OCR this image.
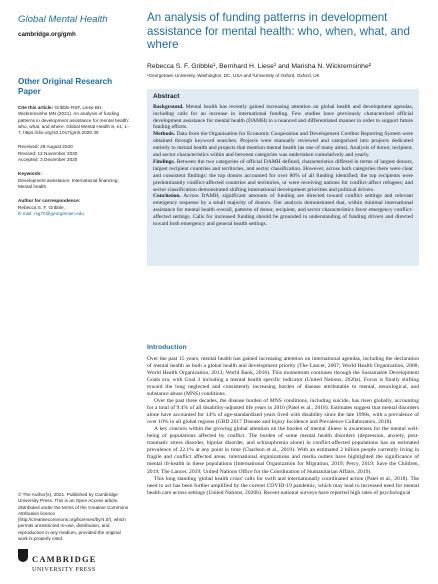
Global Mental Health
cambridge.org/gmh
Other Original Research Paper
Cite this article: Gribble RSF, Liese BH, Wickremsinhe MN (2021). An analysis of funding patterns in development assistance for mental health: who, what, and where. Global Mental Health 8, e1, 1–7. https://doi.org/10.1017/gmh.2020.30
Received: 28 August 2020
Revised: 12 November 2020
Accepted: 3 December 2020
Keywords:
Development assistance; International financing; Mental health
Author for correspondence:
Rebecca S. F. Gribble,
E-mail: rsg70@georgetown.edu
© The Author(s), 2021. Published by Cambridge University Press. This is an Open Access article, distributed under the terms of the Creative Commons Attribution licence (http://creativecommons.org/licenses/by/4.0/), which permits unrestricted re-use, distribution, and reproduction in any medium, provided the original work is properly cited.
CAMBRIDGE
UNIVERSITY PRESS
An analysis of funding patterns in development assistance for mental health: who, when, what, and where
Rebecca S. F. Gribble¹, Bernhard H. Liese¹ and Marisha N. Wickremsinhe²
¹Georgetown University, Washington, DC, USA and ²University of Oxford, Oxford, UK
Abstract

Background. Mental health has recently gained increasing attention on global health and development agendas, including calls for an increase in international funding. Few studies have previously characterized official development assistance for mental health (DAMH) in a nuanced and differentiated manner in order to support future funding efforts.

Methods. Data from the Organisation for Economic Cooperation and Development Creditor Reporting System were obtained through keyword searches. Projects were manually reviewed and categorized into projects dedicated entirely to mental health and projects that mention mental health (as one of many aims). Analysis of donor, recipient, and sector characteristics within and between categories was undertaken cumulatively and yearly.

Findings. Between the two categories of official DAMH defined, characteristics differed in terms of largest donors, largest recipient countries and territories, and sector classification. However, across both categories there were clear and consistent findings: the top donors accounted for over 80% of all funding identified; the top recipients were predominantly conflict-affected countries and territories, or were receiving nations for conflict-affect refugees; and sector classification demonstrated shifting international development priorities and political drivers.

Conclusion. Across DAMH, significant amounts of funding are directed toward conflict settings and relevant emergency response by a small majority of donors. Our analysis demonstrated that, within minimal international assistance for mental health overall, patterns of donor, recipient, and sector characteristics favor emergency conflict-affected settings. Calls for increased funding should be grounded in understanding of funding drivers and directed toward both emergency and general health settings.

Introduction

Over the past 15 years, mental health has gained increasing attention on international agendas, including the declaration of mental health as both a global health and development priority (The Lancet, 2007; World Health Organization, 2008; World Health Organization, 2013; World Bank, 2016). This momentum continues through the Sustainable Development Goals era, with Goal 3 including a mental health specific indicator (United Nations, 2020a). Focus is finally shifting toward the long neglected and consistently increasing burden of disease attributable to mental, neurological, and substance abuse (MNS) conditions.

Over the past three decades, the disease burden of MNS conditions, including suicide, has risen globally, accounting for a total of 9.4% of all disability-adjusted life years in 2016 (Patel et al., 2018). Estimates suggest that mental disorders alone have accounted for 14% of age-standardized years lived with disability since the late 1990s, with a prevalence of over 10% in all global regions (GBD 2017 Disease and Injury Incidence and Prevalence Collaborators, 2018).

A key concern within the growing global attention on the burden of mental illness is awareness for the mental well-being of populations affected by conflict. The burden of some mental health disorders (depression, anxiety, post-traumatic stress disorder, bipolar disorder, and schizophrenia alone) in conflict-affected populations has an estimated prevalence of 22.1% at any point in time (Charlson et al., 2019). With an estimated 2 billion people currently living in fragile and conflict affected areas, international organizations and media outlets have highlighted the significance of mental ill-health in these populations (International Organization for Migration, 2019; Percy, 2019; Save the Children, 2019; The Lancet, 2019; United Nations Office for the Coordination of Humanitarian Affairs, 2019).

This long standing 'global health crisis' calls for swift and internationally coordinated action (Patel et al., 2018). The need to act has been further amplified by the current COVID-19 pandemic, which may lead to increased need for mental health care across settings (United Nations, 2020b). Recent national surveys have reported high rates of psychological
